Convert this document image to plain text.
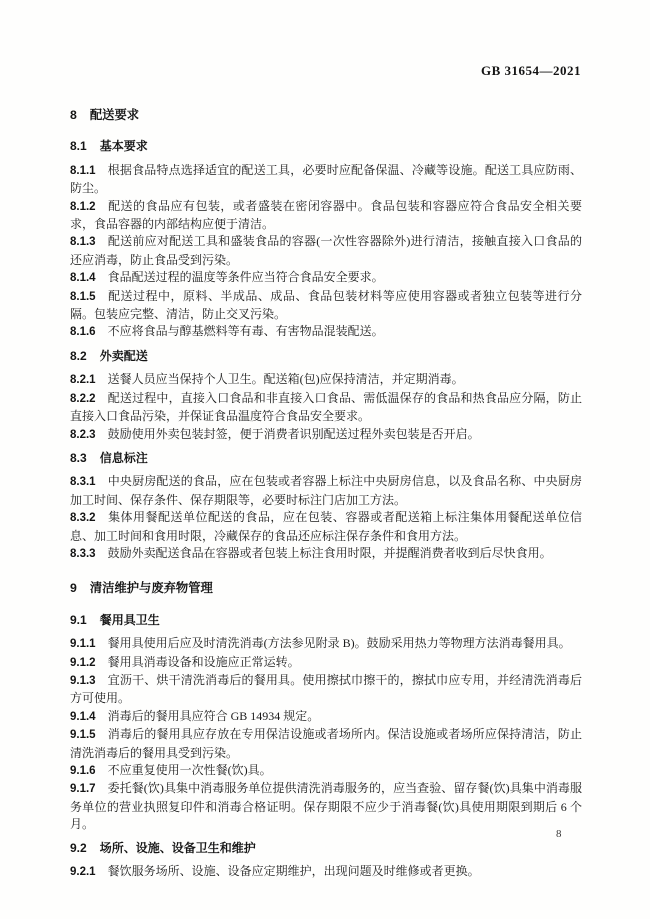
GB 31654—2021
8 配送要求
8.1 基本要求

8.1.1 根据食品特点选择适宜的配送工具，必要时应配备保温、冷藏等设施。配送工具应防雨、防尘。

8.1.2 配送的食品应有包装，或者盛装在密闭容器中。食品包装和容器应符合食品安全相关要求，食品容器的内部结构应便于清洁。

8.1.3 配送前应对配送工具和盛装食品的容器(一次性容器除外)进行清洁，接触直接入口食品的还应消毒，防止食品受到污染。

8.1.4 食品配送过程的温度等条件应当符合食品安全要求。

8.1.5 配送过程中，原料、半成品、成品、食品包装材料等应使用容器或者独立包装等进行分隔。包装应完整、清洁，防止交叉污染。

8.1.6 不应将食品与醇基燃料等有毒、有害物品混装配送。

8.2 外卖配送

8.2.1 送餐人员应当保持个人卫生。配送箱(包)应保持清洁，并定期消毒。

8.2.2 配送过程中，直接入口食品和非直接入口食品、需低温保存的食品和热食品应分隔，防止直接入口食品污染，并保证食品温度符合食品安全要求。

8.2.3 鼓励使用外卖包装封签，便于消费者识别配送过程外卖包装是否开启。

8.3 信息标注

8.3.1 中央厨房配送的食品，应在包装或者容器上标注中央厨房信息，以及食品名称、中央厨房加工时间、保存条件、保存期限等，必要时标注门店加工方法。

8.3.2 集体用餐配送单位配送的食品，应在包装、容器或者配送箱上标注集体用餐配送单位信息、加工时间和食用时限，冷藏保存的食品还应标注保存条件和食用方法。

8.3.3 鼓励外卖配送食品在容器或者包装上标注食用时限，并提醒消费者收到后尽快食用。

9 清洁维护与废弃物管理
9.1 餐用具卫生

9.1.1 餐用具使用后应及时清洗消毒(方法参见附录 B)。鼓励采用热力等物理方法消毒餐用具。

9.1.2 餐用具消毒设备和设施应正常运转。

9.1.3 宜沥干、烘干清洗消毒后的餐用具。使用擦拭巾擦干的，擦拭巾应专用，并经清洗消毒后方可使用。

9.1.4 消毒后的餐用具应符合 GB 14934 规定。

9.1.5 消毒后的餐用具应存放在专用保洁设施或者场所内。保洁设施或者场所应保持清洁，防止清洗消毒后的餐用具受到污染。

9.1.6 不应重复使用一次性餐(饮)具。

9.1.7 委托餐(饮)具集中消毒服务单位提供清洗消毒服务的，应当查验、留存餐(饮)具集中消毒服务单位的营业执照复印件和消毒合格证明。保存期限不应少于消毒餐(饮)具使用期限到期后 6 个月。

9.2 场所、设施、设备卫生和维护

9.2.1 餐饮服务场所、设施、设备应定期维护，出现问题及时维修或者更换。

8
